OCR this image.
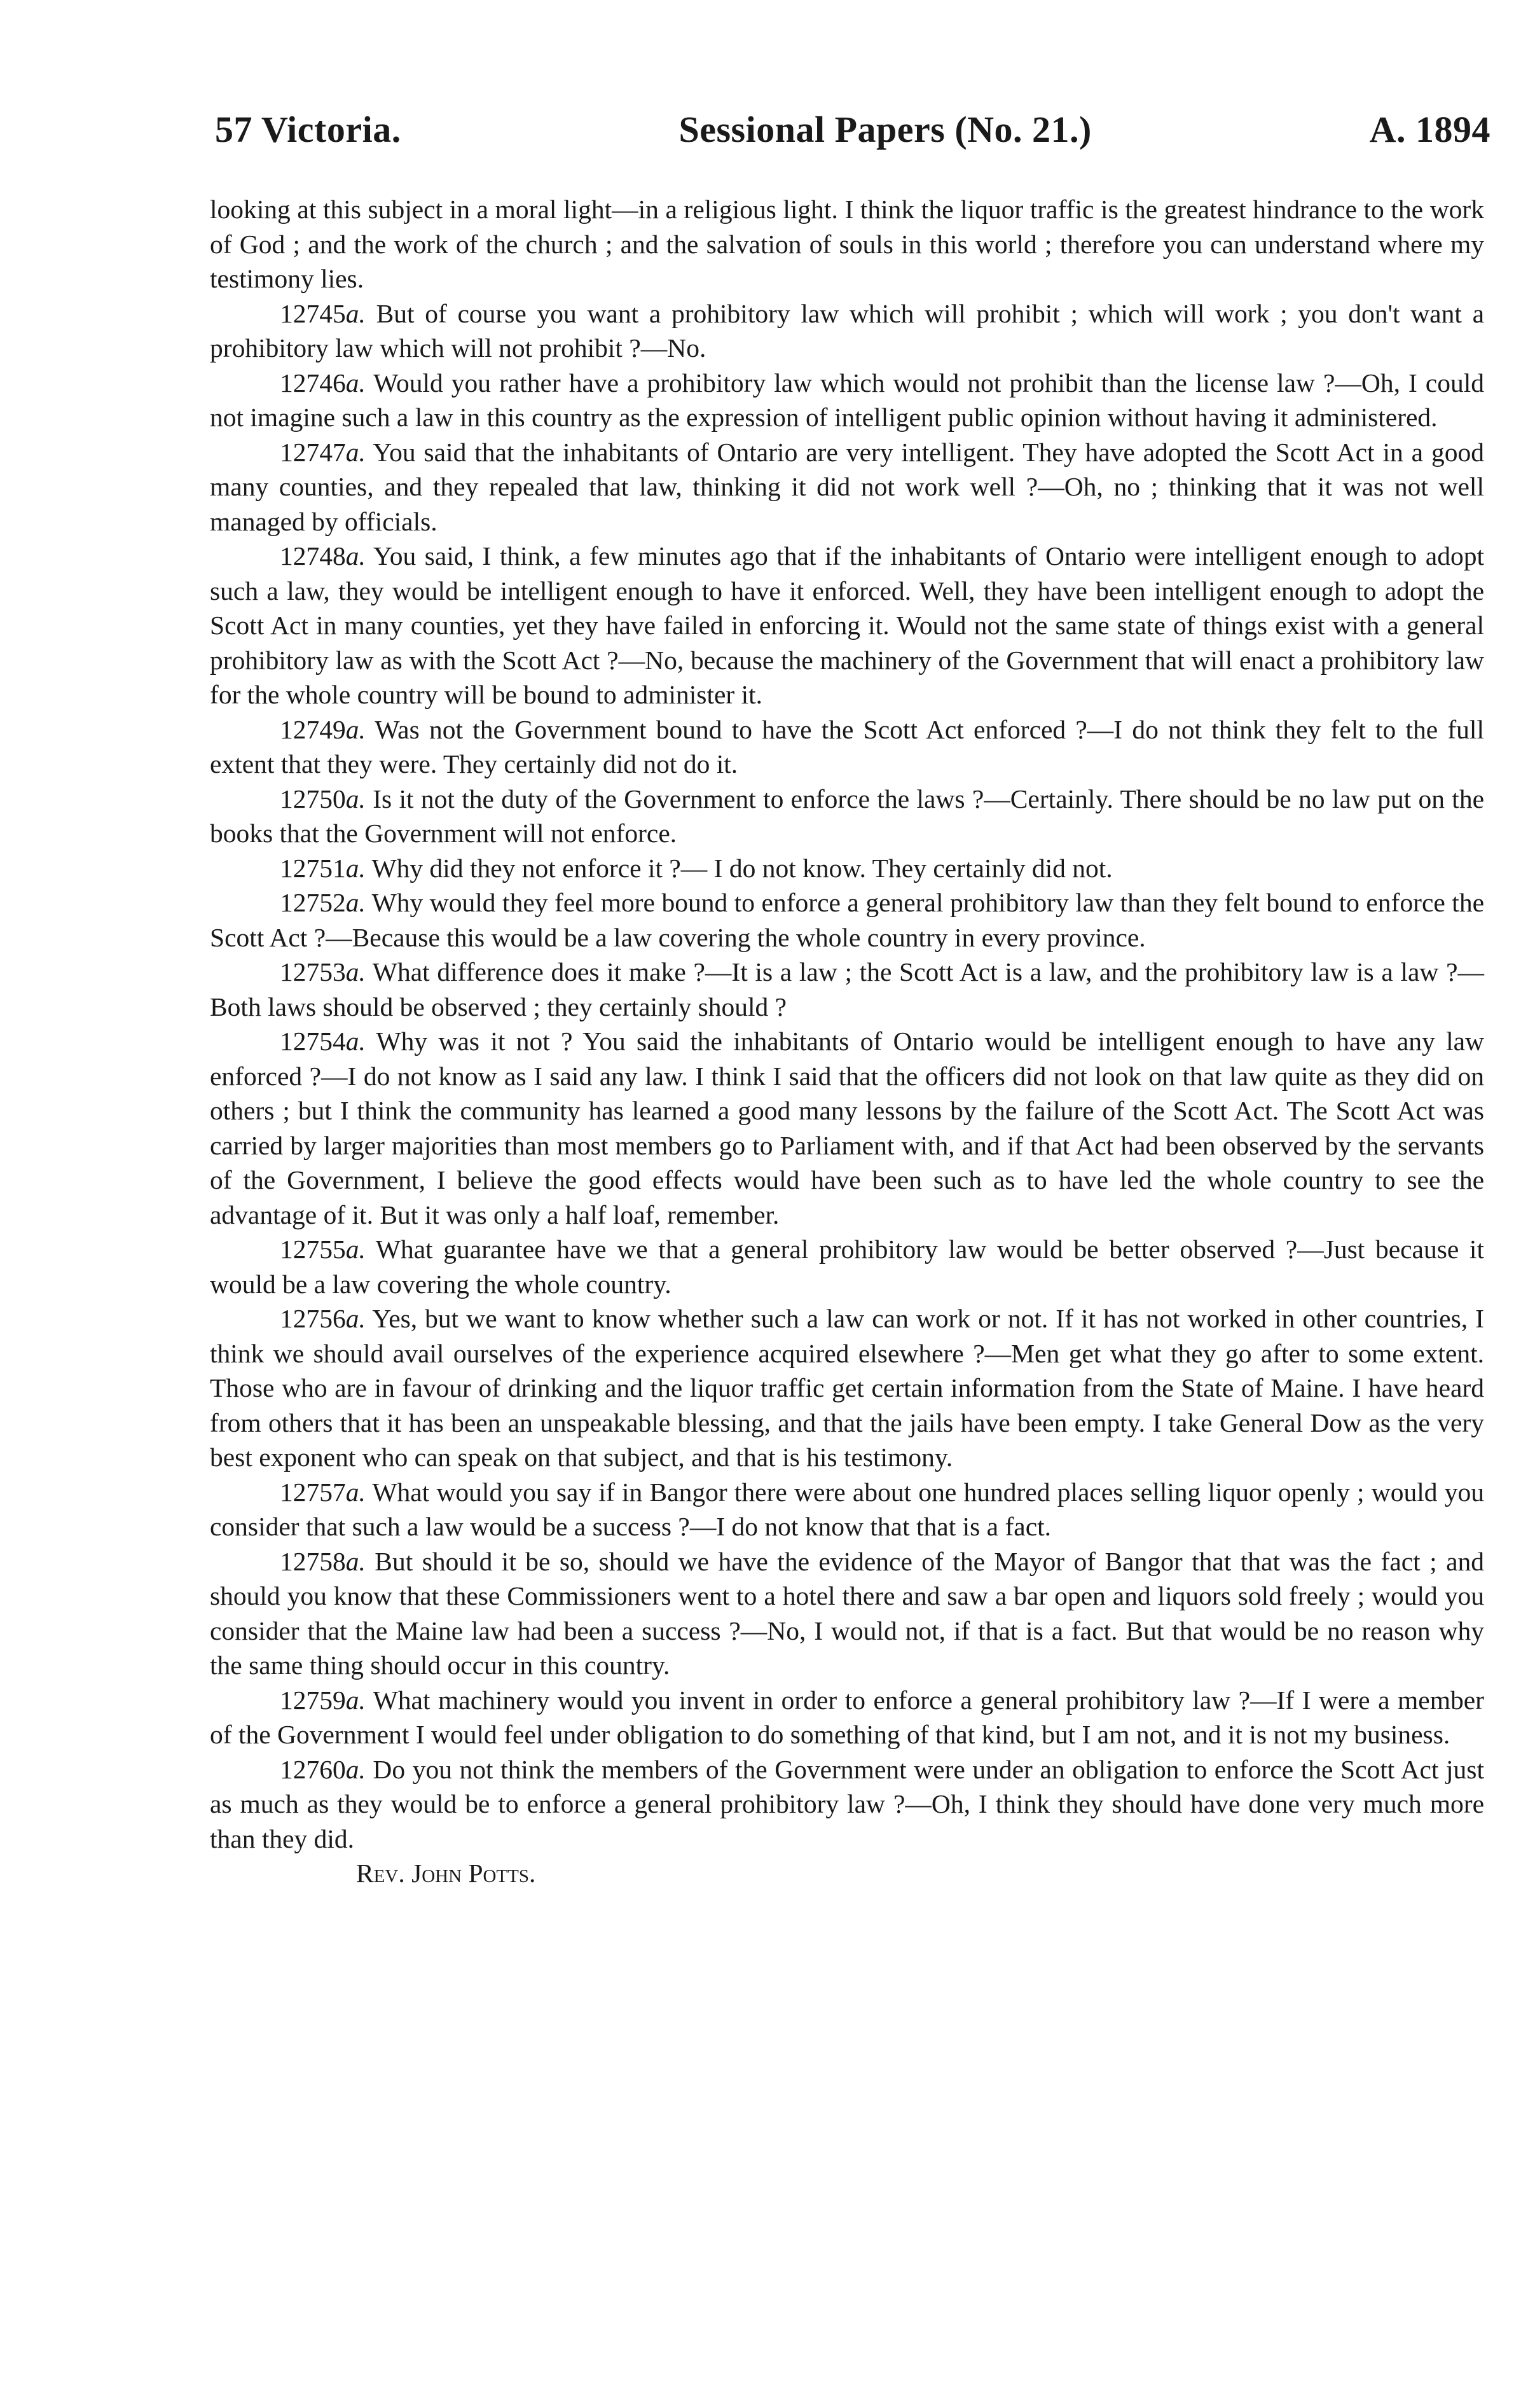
57 Victoria.	Sessional Papers (No. 21.)	A. 1894

looking at this subject in a moral light—in a religious light. I think the liquor traffic is the greatest hindrance to the work of God ; and the work of the church ; and the salvation of souls in this world ; therefore you can understand where my testimony lies.

12745a. But of course you want a prohibitory law which will prohibit ; which will work ; you don't want a prohibitory law which will not prohibit ?—No.

12746a. Would you rather have a prohibitory law which would not prohibit than the license law ?—Oh, I could not imagine such a law in this country as the expression of intelligent public opinion without having it administered.

12747a. You said that the inhabitants of Ontario are very intelligent. They have adopted the Scott Act in a good many counties, and they repealed that law, thinking it did not work well ?—Oh, no ; thinking that it was not well managed by officials.

12748a. You said, I think, a few minutes ago that if the inhabitants of Ontario were intelligent enough to adopt such a law, they would be intelligent enough to have it enforced. Well, they have been intelligent enough to adopt the Scott Act in many counties, yet they have failed in enforcing it. Would not the same state of things exist with a general prohibitory law as with the Scott Act ?—No, because the machinery of the Government that will enact a prohibitory law for the whole country will be bound to administer it.

12749a. Was not the Government bound to have the Scott Act enforced ?—I do not think they felt to the full extent that they were. They certainly did not do it.

12750a. Is it not the duty of the Government to enforce the laws ?—Certainly. There should be no law put on the books that the Government will not enforce.

12751a. Why did they not enforce it ?— I do not know. They certainly did not.

12752a. Why would they feel more bound to enforce a general prohibitory law than they felt bound to enforce the Scott Act ?—Because this would be a law covering the whole country in every province.

12753a. What difference does it make ?—It is a law ; the Scott Act is a law, and the prohibitory law is a law ?—Both laws should be observed ; they certainly should ?

12754a. Why was it not ? You said the inhabitants of Ontario would be intelligent enough to have any law enforced ?—I do not know as I said any law. I think I said that the officers did not look on that law quite as they did on others ; but I think the community has learned a good many lessons by the failure of the Scott Act. The Scott Act was carried by larger majorities than most members go to Parliament with, and if that Act had been observed by the servants of the Government, I believe the good effects would have been such as to have led the whole country to see the advantage of it. But it was only a half loaf, remember.

12755a. What guarantee have we that a general prohibitory law would be better observed ?—Just because it would be a law covering the whole country.

12756a. Yes, but we want to know whether such a law can work or not. If it has not worked in other countries, I think we should avail ourselves of the experience acquired elsewhere ?—Men get what they go after to some extent. Those who are in favour of drinking and the liquor traffic get certain information from the State of Maine. I have heard from others that it has been an unspeakable blessing, and that the jails have been empty. I take General Dow as the very best exponent who can speak on that subject, and that is his testimony.

12757a. What would you say if in Bangor there were about one hundred places selling liquor openly ; would you consider that such a law would be a success ?—I do not know that that is a fact.

12758a. But should it be so, should we have the evidence of the Mayor of Bangor that that was the fact ; and should you know that these Commissioners went to a hotel there and saw a bar open and liquors sold freely ; would you consider that the Maine law had been a success ?—No, I would not, if that is a fact. But that would be no reason why the same thing should occur in this country.

12759a. What machinery would you invent in order to enforce a general prohibitory law ?—If I were a member of the Government I would feel under obligation to do something of that kind, but I am not, and it is not my business.

12760a. Do you not think the members of the Government were under an obligation to enforce the Scott Act just as much as they would be to enforce a general prohibitory law ?—Oh, I think they should have done very much more than they did.

Rev. John Potts.
